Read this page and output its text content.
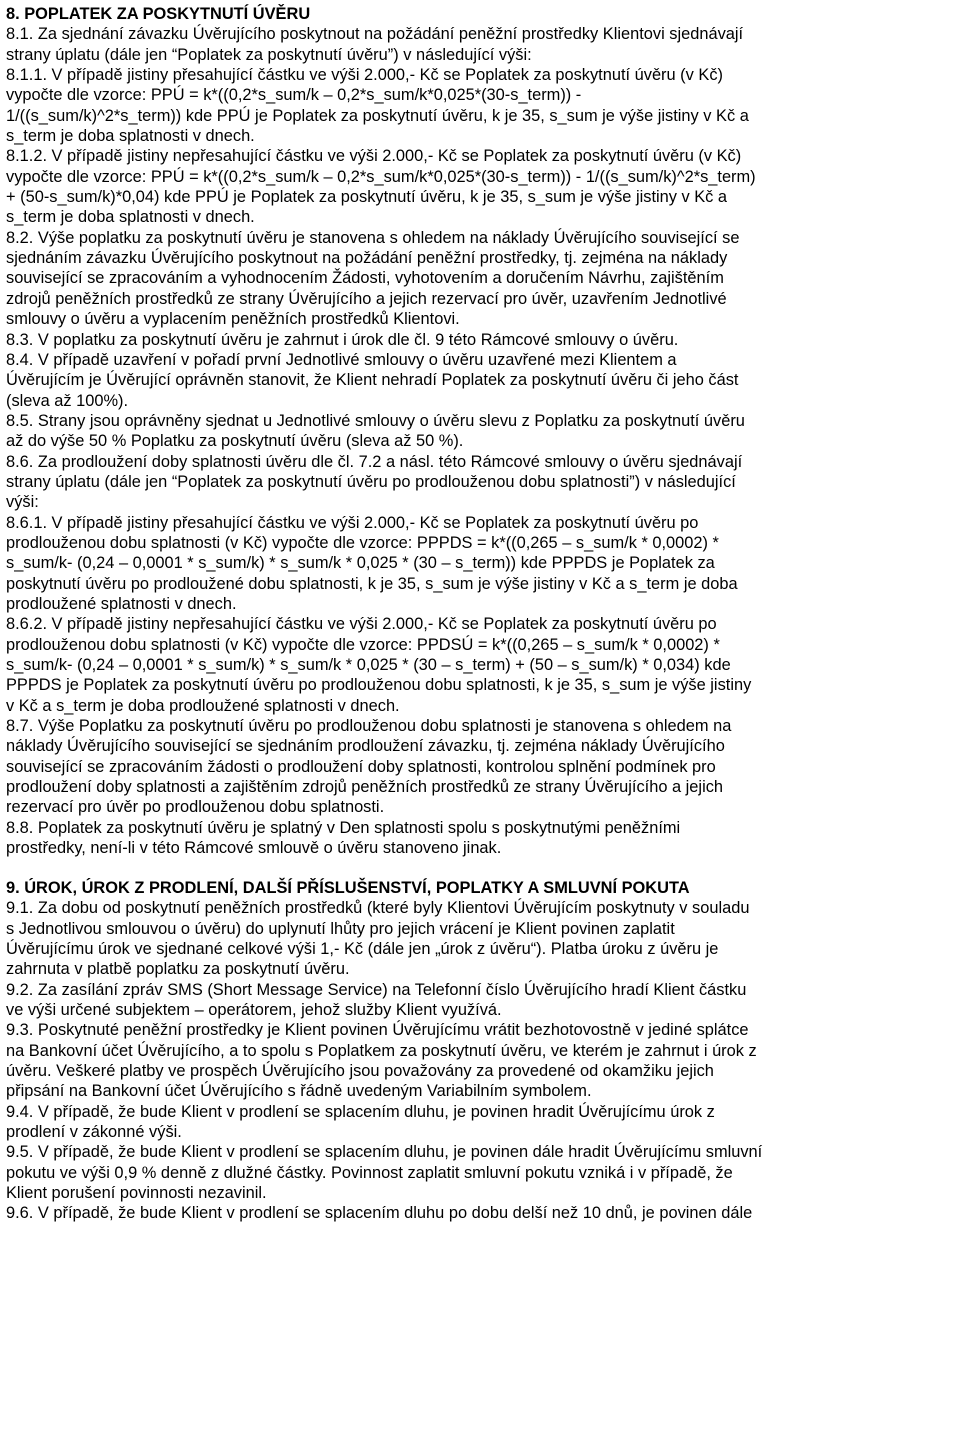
8. POPLATEK ZA POSKYTNUTÍ ÚVĚRU
8.1. Za sjednání závazku Úvěrujícího poskytnout na požádání peněžní prostředky Klientovi sjednávají
strany úplatu (dále jen “Poplatek za poskytnutí úvěru”) v následující výši:
8.1.1. V případě jistiny přesahující částku ve výši 2.000,- Kč se Poplatek za poskytnutí úvěru (v Kč)
vypočte dle vzorce: PPÚ = k*((0,2*s_sum/k – 0,2*s_sum/k*0,025*(30-s_term)) -
1/((s_sum/k)^2*s_term)) kde PPÚ je Poplatek za poskytnutí úvěru, k je 35, s_sum je výše jistiny v Kč a
s_term je doba splatnosti v dnech.
8.1.2. V případě jistiny nepřesahující částku ve výši 2.000,- Kč se Poplatek za poskytnutí úvěru (v Kč)
vypočte dle vzorce: PPÚ = k*((0,2*s_sum/k – 0,2*s_sum/k*0,025*(30-s_term)) - 1/((s_sum/k)^2*s_term)
+ (50-s_sum/k)*0,04) kde PPÚ je Poplatek za poskytnutí úvěru, k je 35, s_sum je výše jistiny v Kč a
s_term je doba splatnosti v dnech.
8.2. Výše poplatku za poskytnutí úvěru je stanovena s ohledem na náklady Úvěrujícího související se
sjednáním závazku Úvěrujícího poskytnout na požádání peněžní prostředky, tj. zejména na náklady
související se zpracováním a vyhodnocením Žádosti, vyhotovením a doručením Návrhu, zajištěním
zdrojů peněžních prostředků ze strany Úvěrujícího a jejich rezervací pro úvěr, uzavřením Jednotlivé
smlouvy o úvěru a vyplacením peněžních prostředků Klientovi.
8.3. V poplatku za poskytnutí úvěru je zahrnut i úrok dle čl. 9 této Rámcové smlouvy o úvěru.
8.4. V případě uzavření v pořadí první Jednotlivé smlouvy o úvěru uzavřené mezi Klientem a
Úvěrujícím je Úvěrující oprávněn stanovit, že Klient nehradí Poplatek za poskytnutí úvěru či jeho část
(sleva až 100%).
8.5. Strany jsou oprávněny sjednat u Jednotlivé smlouvy o úvěru slevu z Poplatku za poskytnutí úvěru
až do výše 50 % Poplatku za poskytnutí úvěru (sleva až 50 %).
8.6. Za prodloužení doby splatnosti úvěru dle čl. 7.2 a násl. této Rámcové smlouvy o úvěru sjednávají
strany úplatu (dále jen “Poplatek za poskytnutí úvěru po prodlouženou dobu splatnosti”) v následující
výši:
8.6.1. V případě jistiny přesahující částku ve výši 2.000,- Kč se Poplatek za poskytnutí úvěru po
prodlouženou dobu splatnosti (v Kč) vypočte dle vzorce: PPPDS = k*((0,265 – s_sum/k * 0,0002) *
s_sum/k- (0,24 – 0,0001 * s_sum/k) * s_sum/k * 0,025 * (30 – s_term)) kde PPPDS je Poplatek za
poskytnutí úvěru po prodloužené dobu splatnosti, k je 35, s_sum je výše jistiny v Kč a s_term je doba
prodloužené splatnosti v dnech.
8.6.2. V případě jistiny nepřesahující částku ve výši 2.000,- Kč se Poplatek za poskytnutí úvěru po
prodlouženou dobu splatnosti (v Kč) vypočte dle vzorce: PPDSÚ = k*((0,265 – s_sum/k * 0,0002) *
s_sum/k- (0,24 – 0,0001 * s_sum/k) * s_sum/k * 0,025 * (30 – s_term) + (50 – s_sum/k) * 0,034) kde
PPPDS je Poplatek za poskytnutí úvěru po prodlouženou dobu splatnosti, k je 35, s_sum je výše jistiny
v Kč a s_term je doba prodloužené splatnosti v dnech.
8.7. Výše Poplatku za poskytnutí úvěru po prodlouženou dobu splatnosti je stanovena s ohledem na
náklady Úvěrujícího související se sjednáním prodloužení závazku, tj. zejména náklady Úvěrujícího
související se zpracováním žádosti o prodloužení doby splatnosti, kontrolou splnění podmínek pro
prodloužení doby splatnosti a zajištěním zdrojů peněžních prostředků ze strany Úvěrujícího a jejich
rezervací pro úvěr po prodlouženou dobu splatnosti.
8.8. Poplatek za poskytnutí úvěru je splatný v Den splatnosti spolu s poskytnutými peněžními
prostředky, není-li v této Rámcové smlouvě o úvěru stanoveno jinak.
9. ÚROK, ÚROK Z PRODLENÍ, DALŠÍ PŘÍSLUŠENSTVÍ, POPLATKY A SMLUVNÍ POKUTA
9.1. Za dobu od poskytnutí peněžních prostředků (které byly Klientovi Úvěrujícím poskytnuty v souladu
s Jednotlivou smlouvou o úvěru) do uplynutí lhůty pro jejich vrácení je Klient povinen zaplatit
Úvěrujícímu úrok ve sjednané celkové výši 1,- Kč (dále jen „úrok z úvěru“). Platba úroku z úvěru je
zahrnuta v platbě poplatku za poskytnutí úvěru.
9.2. Za zasílání zpráv SMS (Short Message Service) na Telefonní číslo Úvěrujícího hradí Klient částku
ve výši určené subjektem – operátorem, jehož služby Klient využívá.
9.3. Poskytnuté peněžní prostředky je Klient povinen Úvěrujícímu vrátit bezhotovostně v jediné splátce
na Bankovní účet Úvěrujícího, a to spolu s Poplatkem za poskytnutí úvěru, ve kterém je zahrnut i úrok z
úvěru. Veškeré platby ve prospěch Úvěrujícího jsou považovány za provedené od okamžiku jejich
připsání na Bankovní účet Úvěrujícího s řádně uvedeným Variabilním symbolem.
9.4. V případě, že bude Klient v prodlení se splacením dluhu, je povinen hradit Úvěrujícímu úrok z
prodlení v zákonné výši.
9.5. V případě, že bude Klient v prodlení se splacením dluhu, je povinen dále hradit Úvěrujícímu smluvní
pokutu ve výši 0,9 % denně z dlužné částky. Povinnost zaplatit smluvní pokutu vzniká i v případě, že
Klient porušení povinnosti nezavinil.
9.6. V případě, že bude Klient v prodlení se splacením dluhu po dobu delší než 10 dnů, je povinen dále
